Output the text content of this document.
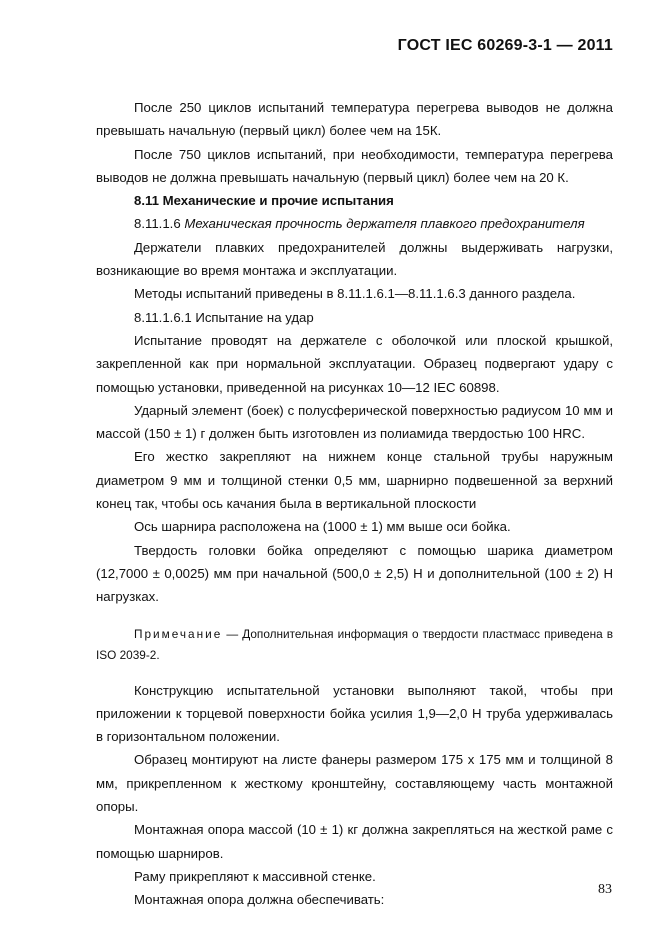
ГОСТ IEC 60269-3-1 — 2011

После 250 циклов испытаний температура перегрева выводов не должна превышать начальную (первый цикл) более чем на 15К.

После 750 циклов испытаний, при необходимости, температура перегрева выводов не должна превышать начальную (первый цикл) более чем на 20 К.

8.11 Механические и прочие испытания

8.11.1.6 Механическая прочность держателя плавкого предохранителя

Держатели плавких предохранителей должны выдерживать нагрузки, возникающие во время монтажа и эксплуатации.

Методы испытаний приведены в 8.11.1.6.1—8.11.1.6.3 данного раздела.

8.11.1.6.1 Испытание на удар

Испытание проводят на держателе с оболочкой или плоской крышкой, закрепленной как при нормальной эксплуатации. Образец подвергают удару с помощью установки, приведенной на рисунках 10—12 IEC 60898.

Ударный элемент (боек) с полусферической поверхностью радиусом 10 мм и массой (150 ± 1) г должен быть изготовлен из полиамида твердостью 100 HRC.

Его жестко закрепляют на нижнем конце стальной трубы наружным диаметром 9 мм и толщиной стенки 0,5 мм, шарнирно подвешенной за верхний конец так, чтобы ось качания была в вертикальной плоскости

Ось шарнира расположена на (1000 ± 1) мм выше оси бойка.

Твердость головки бойка определяют с помощью шарика диаметром (12,7000 ± 0,0025) мм при начальной (500,0 ± 2,5) Н и дополнительной (100 ± 2) Н нагрузках.

Примечание — Дополнительная информация о твердости пластмасс приведена в ISO 2039-2.

Конструкцию испытательной установки выполняют такой, чтобы при приложении к торцевой поверхности бойка усилия 1,9—2,0 Н труба удерживалась в горизонтальном положении.

Образец монтируют на листе фанеры размером 175 x 175 мм и толщиной 8 мм, прикрепленном к жесткому кронштейну, составляющему часть монтажной опоры.

Монтажная опора массой (10 ± 1) кг должна закрепляться на жесткой раме с помощью шарниров.

Раму прикрепляют к массивной стенке.

Монтажная опора должна обеспечивать:

83
